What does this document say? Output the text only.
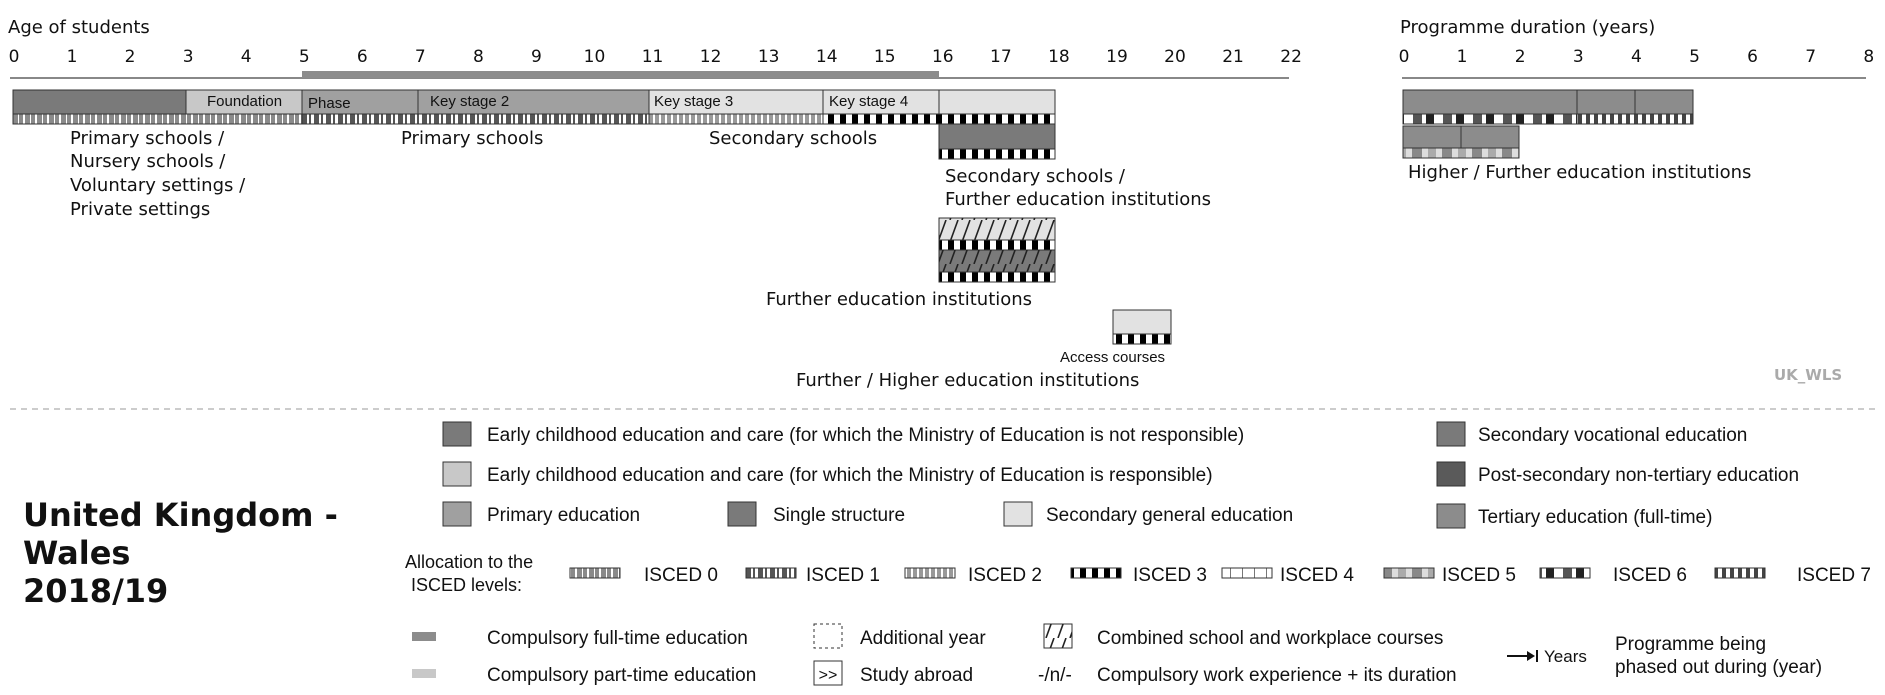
Age of students
0	1	2	3	4	5	6	7	8	9 10 11 12 13 14 15 16 17 18 19 20 21 22
Foundation Phase	Key stage 2	Key stage 3	Key stage 4
Primary schools /
Nursery schools /
Voluntary settings /
Private settings
Primary schools	Secondary schools
Secondary schools /
Further education institutions
Further education institutions
Access courses
Further / Higher education institutions	UK_WLS
Programme duration (years)
0	1	2	3	4	5	6	7	8
Higher / Further education institutions
Early childhood education and care (for which the Ministry of Education is not responsible)
Early childhood education and care (for which the Ministry of Education is responsible)
Primary education	Single structure	Secondary general education
Secondary vocational education
Post-secondary non-tertiary education
Tertiary education (full-time)
Allocation to the
ISCED levels:	ISCED 0	ISCED 1	ISCED 2	ISCED 3	ISCED 4	ISCED 5	ISCED 6	ISCED 7
Compulsory full-time education
Compulsory part-time education
Additional year
>> Study abroad
Combined school and workplace courses
-/n/- Compulsory work experience + its duration
Years
Programme being
phased out during (year)
United Kingdom -
Wales
2018/19
